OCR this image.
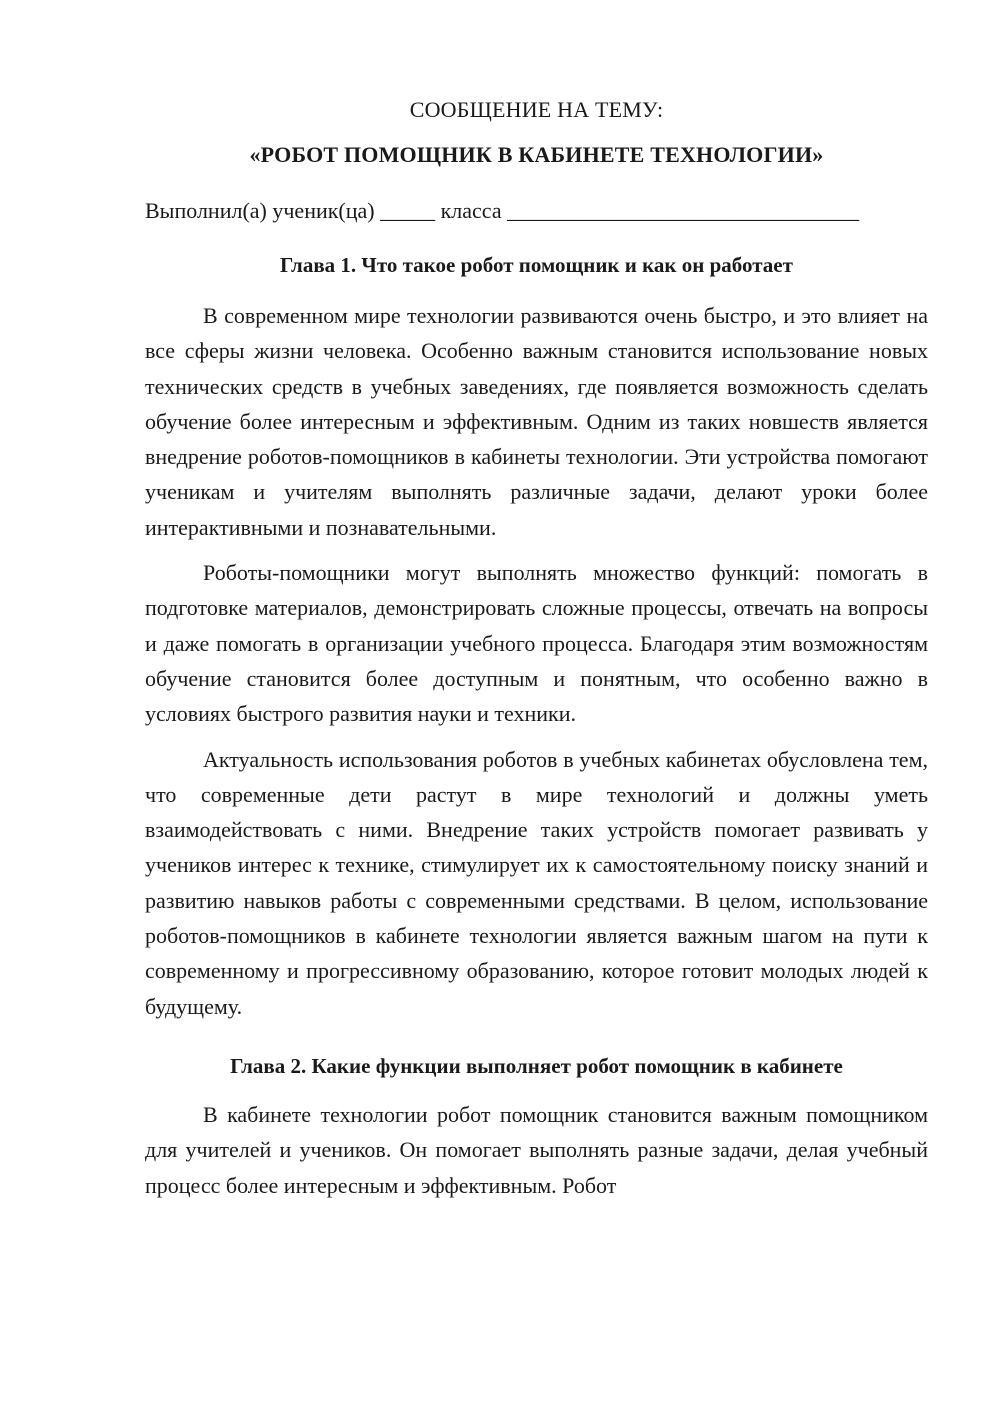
СООБЩЕНИЕ НА ТЕМУ:

«РОБОТ ПОМОЩНИК В КАБИНЕТЕ ТЕХНОЛОГИИ»

Выполнил(а) ученик(ца) _____ класса ________________________________
Глава 1. Что такое робот помощник и как он работает

В современном мире технологии развиваются очень быстро, и это влияет на все сферы жизни человека. Особенно важным становится использование новых технических средств в учебных заведениях, где появляется возможность сделать обучение более интересным и эффективным. Одним из таких новшеств является внедрение роботов-помощников в кабинеты технологии. Эти устройства помогают ученикам и учителям выполнять различные задачи, делают уроки более интерактивными и познавательными.

Роботы-помощники могут выполнять множество функций: помогать в подготовке материалов, демонстрировать сложные процессы, отвечать на вопросы и даже помогать в организации учебного процесса. Благодаря этим возможностям обучение становится более доступным и понятным, что особенно важно в условиях быстрого развития науки и техники.

Актуальность использования роботов в учебных кабинетах обусловлена тем, что современные дети растут в мире технологий и должны уметь взаимодействовать с ними. Внедрение таких устройств помогает развивать у учеников интерес к технике, стимулирует их к самостоятельному поиску знаний и развитию навыков работы с современными средствами. В целом, использование роботов-помощников в кабинете технологии является важным шагом на пути к современному и прогрессивному образованию, которое готовит молодых людей к будущему.

Глава 2. Какие функции выполняет робот помощник в кабинете

В кабинете технологии робот помощник становится важным помощником для учителей и учеников. Он помогает выполнять разные задачи, делая учебный процесс более интересным и эффективным. Робот
